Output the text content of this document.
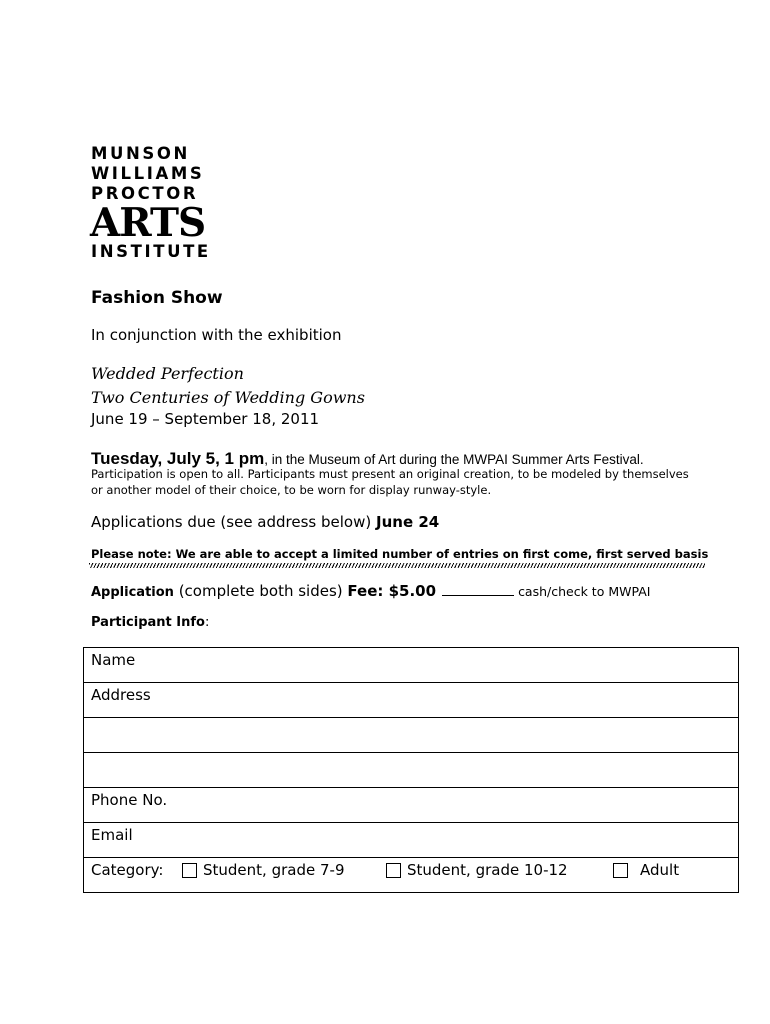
MUNSON
WILLIAMS
PROCTOR
ARTS
INSTITUTE
Fashion Show
In conjunction with the exhibition
Wedded Perfection
Two Centuries of Wedding Gowns
June 19 – September 18, 2011
Tuesday, July 5, 1 pm, in the Museum of Art during the MWPAI Summer Arts Festival.
Participation is open to all. Participants must present an original creation, to be modeled by themselves or another model of their choice, to be worn for display runway-style.
Applications due (see address below) June 24
Please note: We are able to accept a limited number of entries on first come, first served basis
Application (complete both sides) Fee: $5.00	cash/check to MWPAI
Participant Info:
Name
Address
Phone No.
Email
Category:	Student, grade 7-9	Student, grade 10-12	Adult
